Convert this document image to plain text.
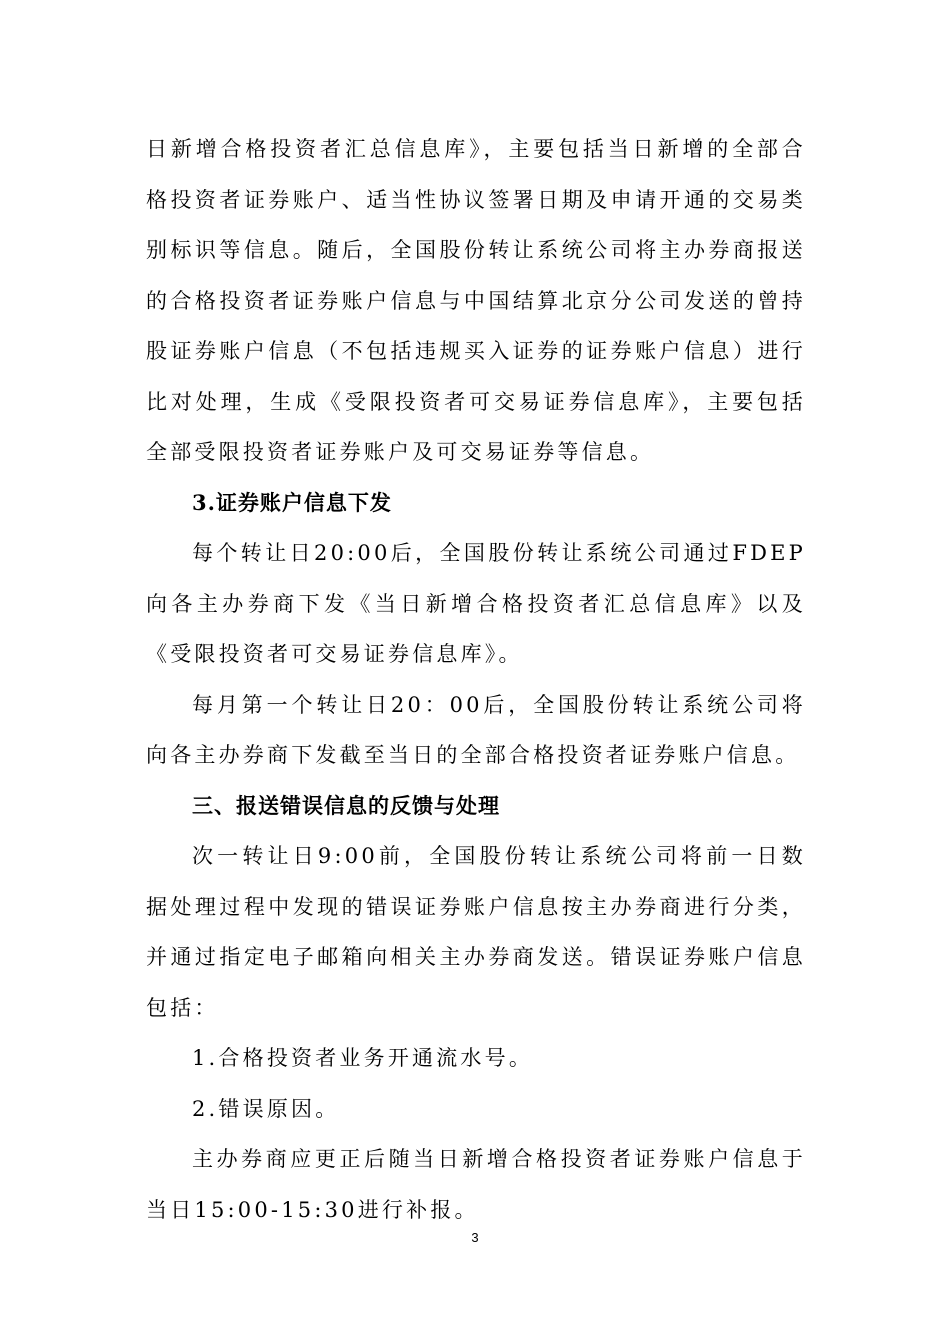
日新增合格投资者汇总信息库》，主要包括当日新增的全部合格投资者证券账户、适当性协议签署日期及申请开通的交易类别标识等信息。随后，全国股份转让系统公司将主办券商报送的合格投资者证券账户信息与中国结算北京分公司发送的曾持股证券账户信息（不包括违规买入证券的证券账户信息）进行比对处理，生成《受限投资者可交易证券信息库》，主要包括全部受限投资者证券账户及可交易证券等信息。

3.证券账户信息下发

每个转让日20:00后，全国股份转让系统公司通过FDEP向各主办券商下发《当日新增合格投资者汇总信息库》以及《受限投资者可交易证券信息库》。

每月第一个转让日20：00后，全国股份转让系统公司将向各主办券商下发截至当日的全部合格投资者证券账户信息。

三、报送错误信息的反馈与处理

次一转让日9:00前，全国股份转让系统公司将前一日数据处理过程中发现的错误证券账户信息按主办券商进行分类，并通过指定电子邮箱向相关主办券商发送。错误证券账户信息包括：

1.合格投资者业务开通流水号。

2.错误原因。

主办券商应更正后随当日新增合格投资者证券账户信息于当日15:00-15:30进行补报。

3
